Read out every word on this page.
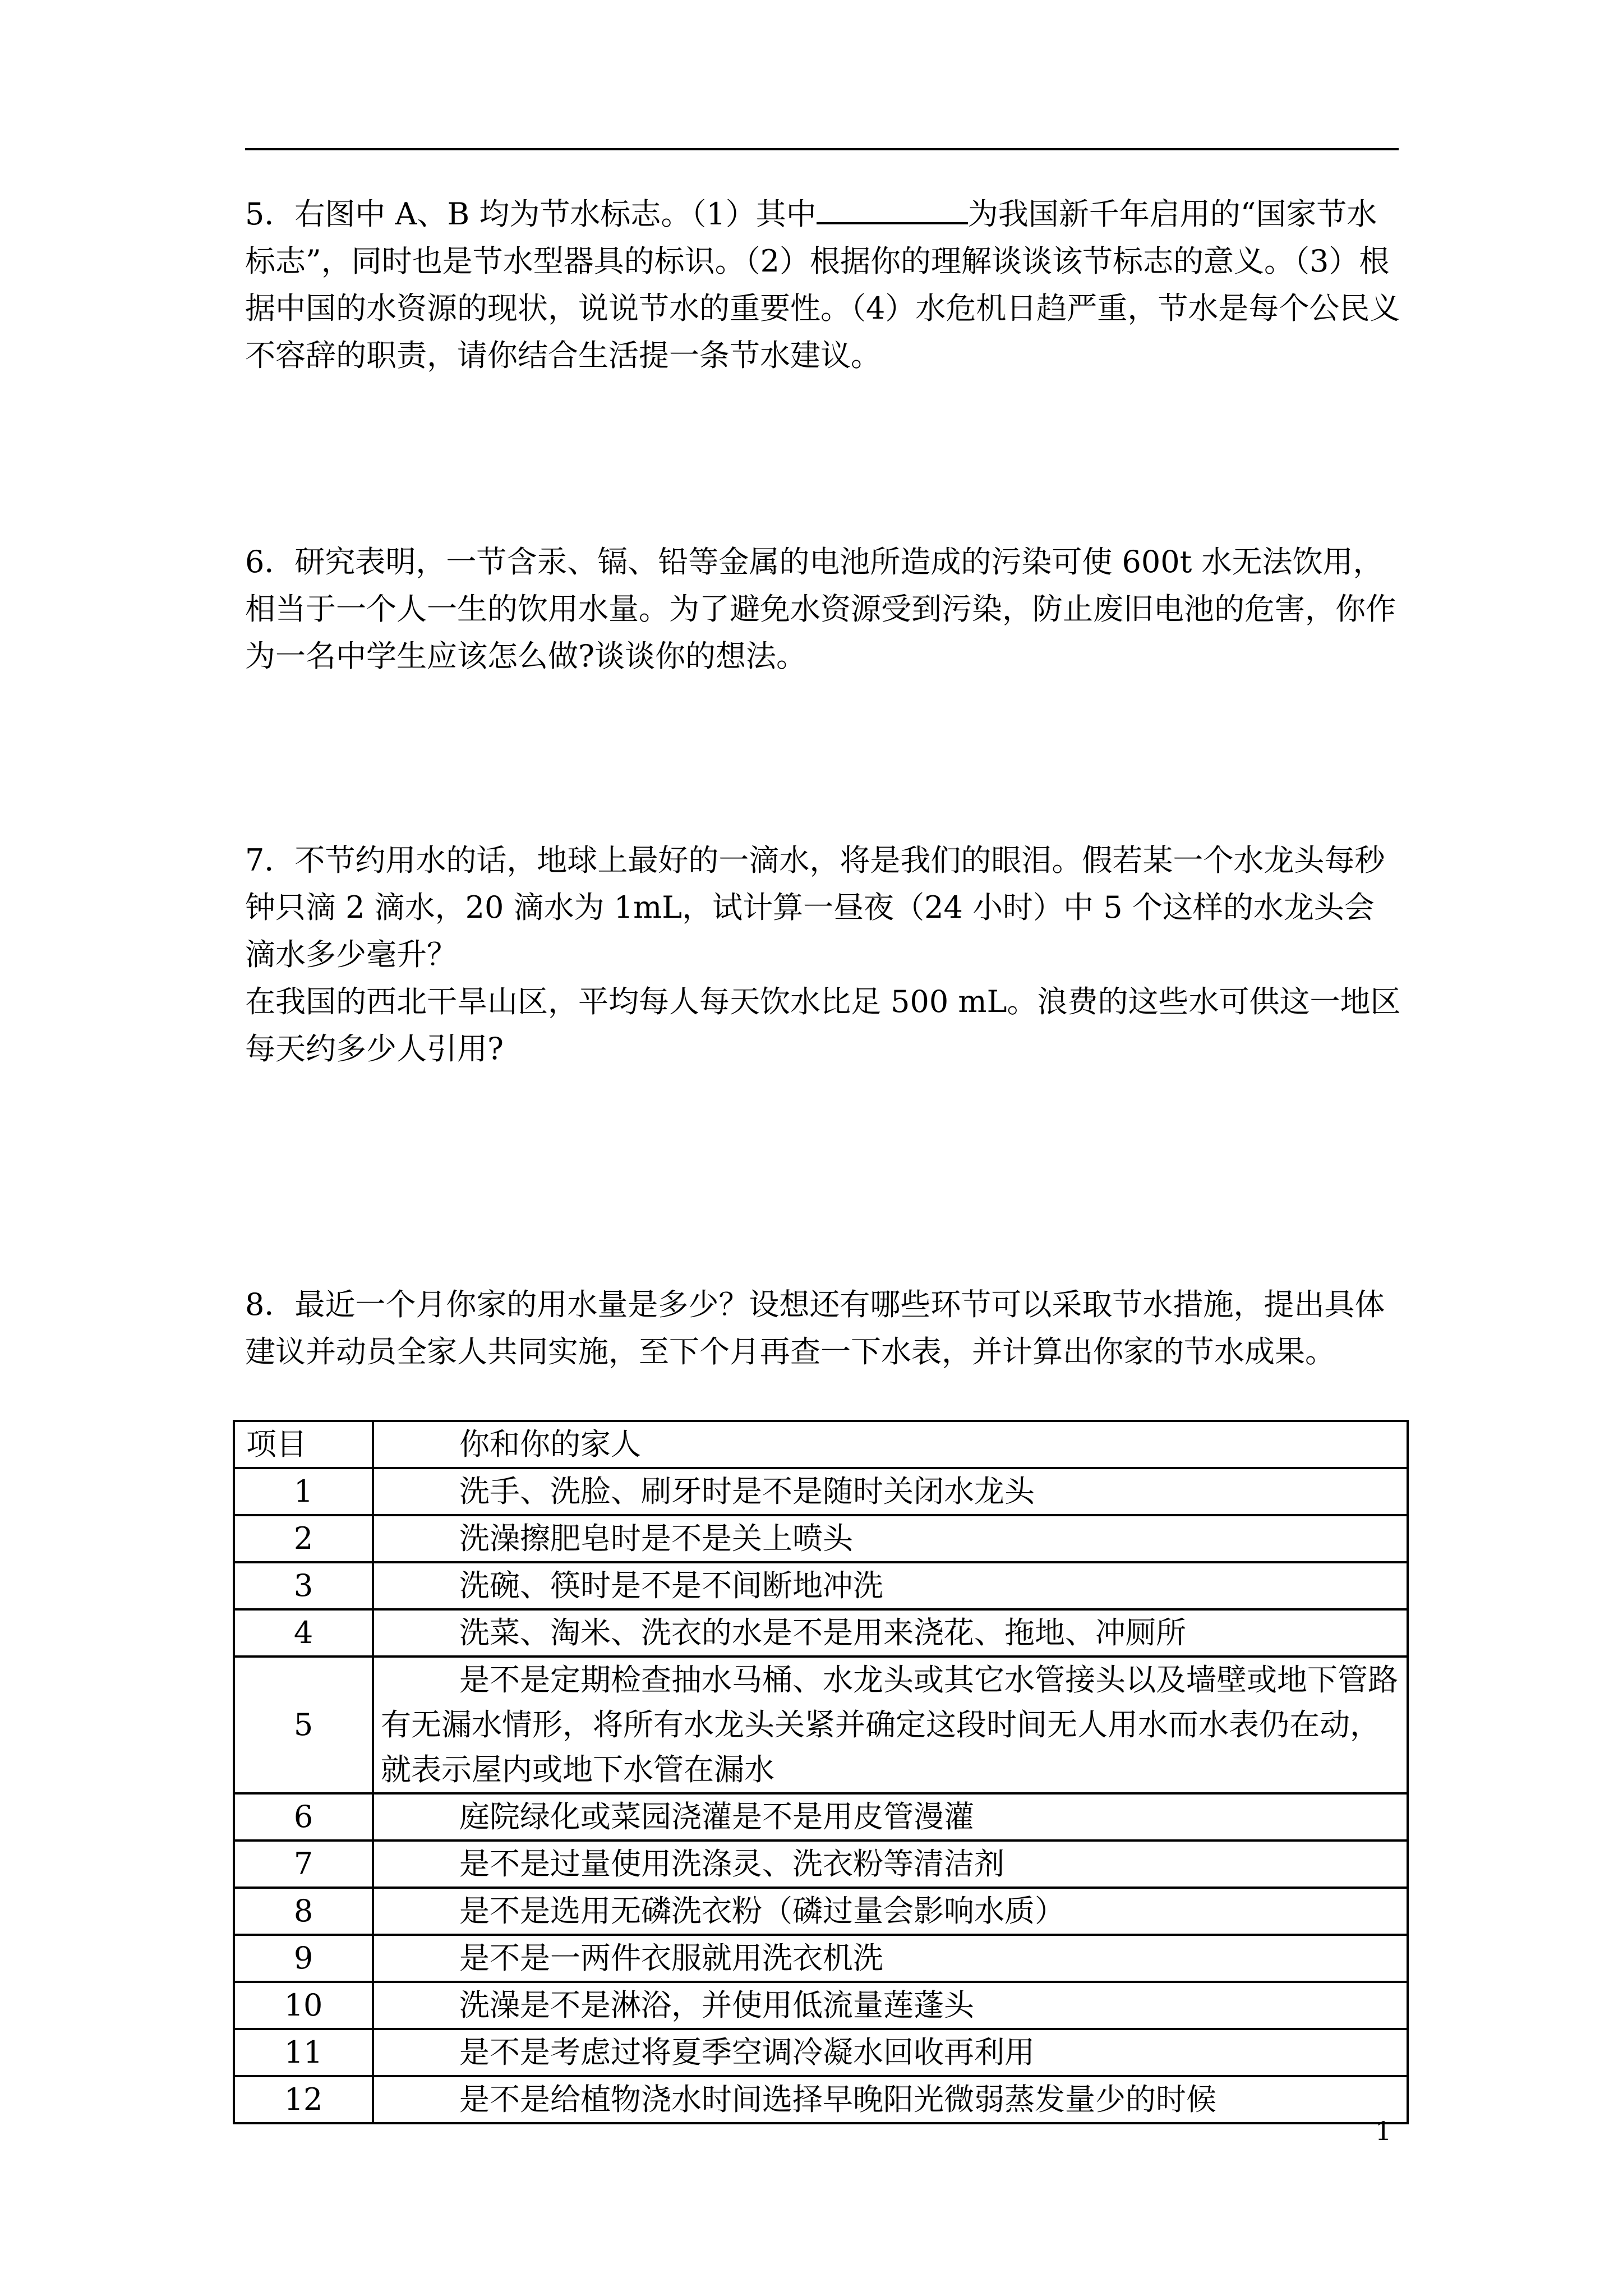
5．右图中 A、B 均为节水标志。（1）其中	为我国新千年启用的“国家节水标志”，同时也是节水型器具的标识。（2）根据你的理解谈谈该节标志的意义。（3）根据中国的水资源的现状，说说节水的重要性。（4）水危机日趋严重，节水是每个公民义不容辞的职责，请你结合生活提一条节水建议。

6．研究表明，一节含汞、镉、铅等金属的电池所造成的污染可使 600t 水无法饮用，相当于一个人一生的饮用水量。为了避免水资源受到污染，防止废旧电池的危害，你作为一名中学生应该怎么做?谈谈你的想法。

7．不节约用水的话，地球上最好的一滴水，将是我们的眼泪。假若某一个水龙头每秒钟只滴 2 滴水，20 滴水为 1mL，试计算一昼夜（24 小时）中 5 个这样的水龙头会滴水多少毫升？

在我国的西北干旱山区，平均每人每天饮水比足 500 mL。浪费的这些水可供这一地区每天约多少人引用?

8．最近一个月你家的用水量是多少？设想还有哪些环节可以采取节水措施，提出具体建议并动员全家人共同实施，至下个月再查一下水表，并计算出你家的节水成果。

项目	你和你的家人
1	洗手、洗脸、刷牙时是不是随时关闭水龙头
2	洗澡擦肥皂时是不是关上喷头
3	洗碗、筷时是不是不间断地冲洗
4	洗菜、淘米、洗衣的水是不是用来浇花、拖地、冲厕所
5	是不是定期检查抽水马桶、水龙头或其它水管接头以及墙壁或地下管路有无漏水情形，将所有水龙头关紧并确定这段时间无人用水而水表仍在动，就表示屋内或地下水管在漏水
6	庭院绿化或菜园浇灌是不是用皮管漫灌
7	是不是过量使用洗涤灵、洗衣粉等清洁剂
8	是不是选用无磷洗衣粉（磷过量会影响水质）
9	是不是一两件衣服就用洗衣机洗
10	洗澡是不是淋浴，并使用低流量莲蓬头
11	是不是考虑过将夏季空调冷凝水回收再利用
12	是不是给植物浇水时间选择早晚阳光微弱蒸发量少的时候
1
